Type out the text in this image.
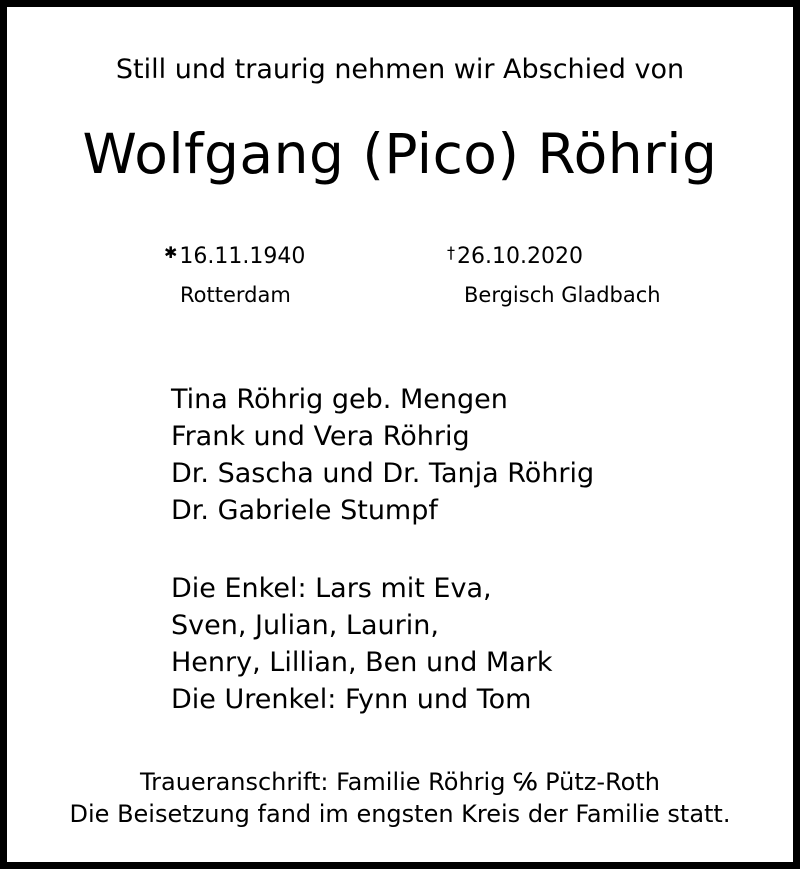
Still und traurig nehmen wir Abschied von
Wolfgang (Pico) Röhrig
✱16.11.1940
Rotterdam
†26.10.2020
Bergisch Gladbach
Tina Röhrig geb. Mengen
Frank und Vera Röhrig
Dr. Sascha und Dr. Tanja Röhrig
Dr. Gabriele Stumpf
Die Enkel: Lars mit Eva,
Sven, Julian, Laurin,
Henry, Lillian, Ben und Mark
Die Urenkel: Fynn und Tom
Traueranschrift: Familie Röhrig ℅ Pütz-Roth
Die Beisetzung fand im engsten Kreis der Familie statt.
